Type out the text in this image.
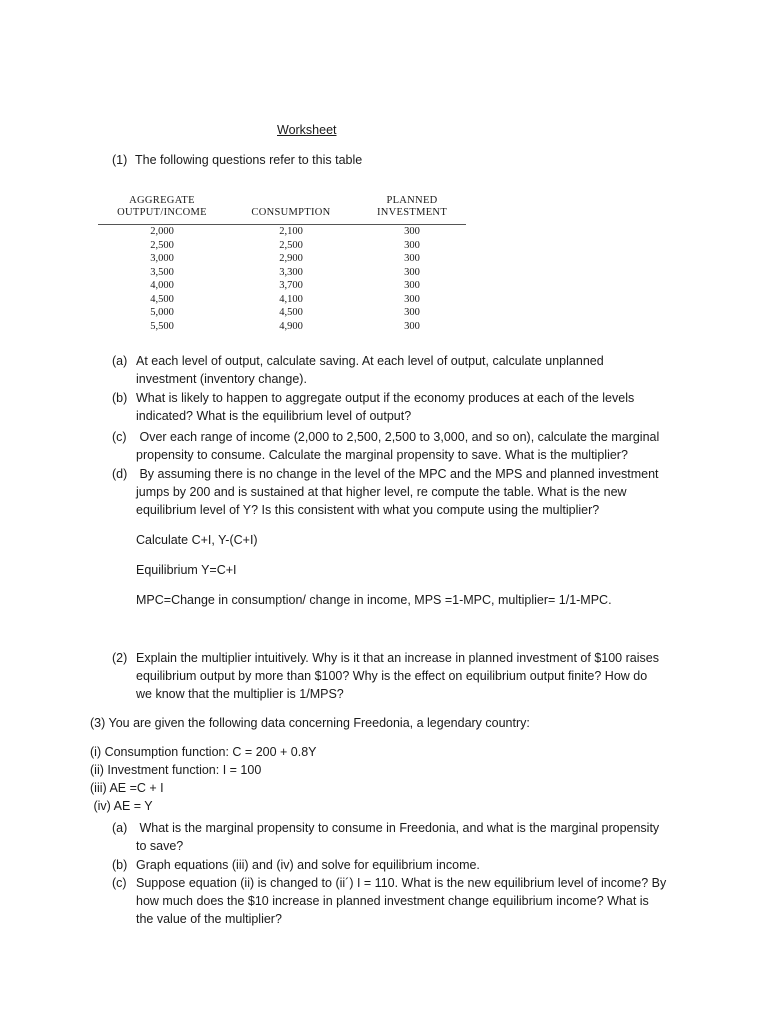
Worksheet
(1) The following questions refer to this table
AGGREGATE
OUTPUT/INCOME	CONSUMPTION
PLANNED
INVESTMENT
2,000
2,500
3,000
3,500
4,000
4,500
5,000
5,500
2,100
2,500
2,900
3,300
3,700
4,100
4,500
4,900
300
300
300
300
300
300
300
300
(a) At each level of output, calculate saving. At each level of output, calculate unplanned
investment (inventory change).
(b) What is likely to happen to aggregate output if the economy produces at each of the levels
indicated? What is the equilibrium level of output?
(c) Over each range of income (2,000 to 2,500, 2,500 to 3,000, and so on), calculate the marginal
propensity to consume. Calculate the marginal propensity to save. What is the multiplier?
(d) By assuming there is no change in the level of the MPC and the MPS and planned investment
jumps by 200 and is sustained at that higher level, re compute the table. What is the new
equilibrium level of Y? Is this consistent with what you compute using the multiplier?
Calculate C+I, Y-(C+I)
Equilibrium Y=C+I
MPC=Change in consumption/ change in income, MPS =1-MPC, multiplier= 1/1-MPC.
(2) Explain the multiplier intuitively. Why is it that an increase in planned investment of $100 raises
equilibrium output by more than $100? Why is the effect on equilibrium output finite? How do
we know that the multiplier is 1/MPS?
(3) You are given the following data concerning Freedonia, a legendary country:
(i) Consumption function: C = 200 + 0.8Y
(ii) Investment function: I = 100
(iii) AE =C + I
(iv) AE = Y
(a) What is the marginal propensity to consume in Freedonia, and what is the marginal propensity
to save?
(b) Graph equations (iii) and (iv) and solve for equilibrium income.
(c) Suppose equation (ii) is changed to (ii´) I = 110. What is the new equilibrium level of income? By
how much does the $10 increase in planned investment change equilibrium income? What is
the value of the multiplier?
